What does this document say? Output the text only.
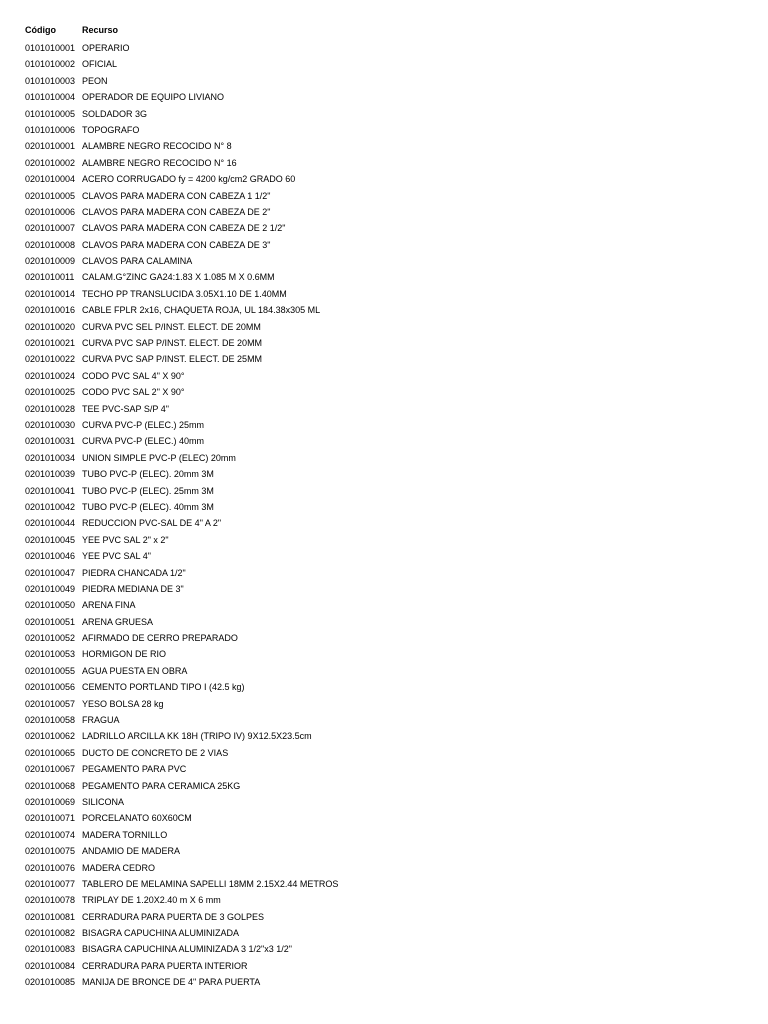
Código	Recurso
0101010001 OPERARIO
0101010002 OFICIAL
0101010003 PEON
0101010004 OPERADOR DE EQUIPO LIVIANO
0101010005 SOLDADOR 3G
0101010006 TOPOGRAFO
0201010001 ALAMBRE NEGRO RECOCIDO N° 8
0201010002 ALAMBRE NEGRO RECOCIDO N° 16
0201010004 ACERO CORRUGADO fy = 4200 kg/cm2 GRADO 60
0201010005 CLAVOS PARA MADERA CON CABEZA 1 1/2"
0201010006 CLAVOS PARA MADERA CON CABEZA DE 2"
0201010007 CLAVOS PARA MADERA CON CABEZA DE 2 1/2"
0201010008 CLAVOS PARA MADERA CON CABEZA DE 3"
0201010009 CLAVOS PARA CALAMINA
0201010011 CALAM.G°ZINC GA24:1.83 X 1.085 M X 0.6MM
0201010014 TECHO PP TRANSLUCIDA 3.05X1.10 DE 1.40MM
0201010016 CABLE FPLR 2x16, CHAQUETA ROJA, UL 184.38x305 ML
0201010020 CURVA PVC SEL P/INST. ELECT. DE 20MM
0201010021 CURVA PVC SAP P/INST. ELECT. DE 20MM
0201010022 CURVA PVC SAP P/INST. ELECT. DE 25MM
0201010024 CODO PVC SAL 4" X 90°
0201010025 CODO PVC SAL 2" X 90°
0201010028 TEE PVC-SAP S/P 4"
0201010030 CURVA PVC-P (ELEC.) 25mm
0201010031 CURVA PVC-P (ELEC.) 40mm
0201010034 UNION SIMPLE PVC-P (ELEC) 20mm
0201010039 TUBO PVC-P (ELEC). 20mm 3M
0201010041 TUBO PVC-P (ELEC). 25mm 3M
0201010042 TUBO PVC-P (ELEC). 40mm 3M
0201010044 REDUCCION PVC-SAL DE 4" A 2"
0201010045 YEE PVC SAL 2" x 2"
0201010046 YEE PVC SAL 4"
0201010047 PIEDRA CHANCADA 1/2"
0201010049 PIEDRA MEDIANA DE 3"
0201010050 ARENA FINA
0201010051 ARENA GRUESA
0201010052 AFIRMADO DE CERRO PREPARADO
0201010053 HORMIGON DE RIO
0201010055 AGUA PUESTA EN OBRA
0201010056 CEMENTO PORTLAND TIPO I (42.5 kg)
0201010057 YESO BOLSA 28 kg
0201010058 FRAGUA
0201010062 LADRILLO ARCILLA KK 18H (TRIPO IV) 9X12.5X23.5cm
0201010065 DUCTO DE CONCRETO DE 2 VIAS
0201010067 PEGAMENTO PARA PVC
0201010068 PEGAMENTO PARA CERAMICA 25KG
0201010069 SILICONA
0201010071 PORCELANATO 60X60CM
0201010074 MADERA TORNILLO
0201010075 ANDAMIO DE MADERA
0201010076 MADERA CEDRO
0201010077 TABLERO DE MELAMINA SAPELLI 18MM 2.15X2.44 METROS
0201010078 TRIPLAY DE 1.20X2.40 m X 6 mm
0201010081 CERRADURA PARA PUERTA DE 3 GOLPES
0201010082 BISAGRA CAPUCHINA ALUMINIZADA
0201010083 BISAGRA CAPUCHINA ALUMINIZADA 3 1/2"x3 1/2"
0201010084 CERRADURA PARA PUERTA INTERIOR
0201010085 MANIJA DE BRONCE DE 4" PARA PUERTA
